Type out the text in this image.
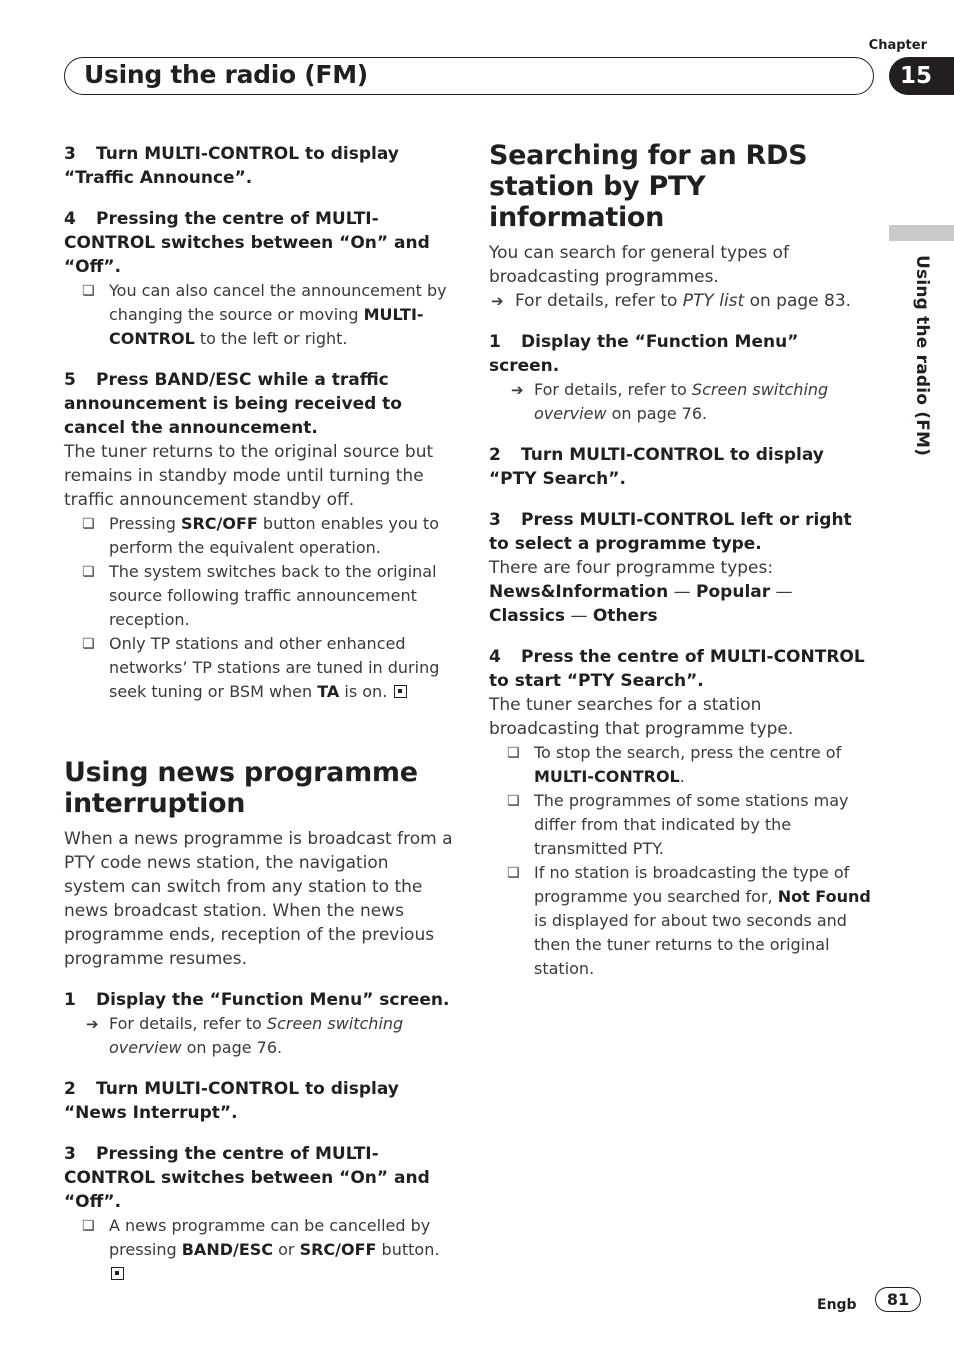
Chapter
Using the radio (FM)	15
Using the radio (FM)

3 Turn MULTI-CONTROL to display “Traffic Announce”.

4 Pressing the centre of MULTI-CONTROL switches between “On” and “Off”.

❏ You can also cancel the announcement by changing the source or moving MULTI-CONTROL to the left or right.

5 Press BAND/ESC while a traffic announcement is being received to cancel the announcement.

The tuner returns to the original source but remains in standby mode until turning the traffic announcement standby off.

❏ Pressing SRC/OFF button enables you to perform the equivalent operation.
❏ The system switches back to the original source following traffic announcement reception.
❏ Only TP stations and other enhanced networks’ TP stations are tuned in during seek tuning or BSM when TA is on.
Using news programme interruption

When a news programme is broadcast from a PTY code news station, the navigation system can switch from any station to the news broadcast station. When the news programme ends, reception of the previous programme resumes.

1 Display the “Function Menu” screen.

➔ For details, refer to Screen switching overview on page 76.

2 Turn MULTI-CONTROL to display “News Interrupt”.

3 Pressing the centre of MULTI-CONTROL switches between “On” and “Off”.

❏ A news programme can be cancelled by pressing BAND/ESC or SRC/OFF button.
Searching for an RDS station by PTY information

You can search for general types of broadcasting programmes.

➔ For details, refer to PTY list on page 83.

1 Display the “Function Menu” screen.

➔ For details, refer to Screen switching overview on page 76.

2 Turn MULTI-CONTROL to display “PTY Search”.

3 Press MULTI-CONTROL left or right to select a programme type.

There are four programme types:

News&Information — Popular — Classics — Others

4 Press the centre of MULTI-CONTROL to start “PTY Search”.

The tuner searches for a station broadcasting that programme type.

❏ To stop the search, press the centre of MULTI-CONTROL.
❏ The programmes of some stations may differ from that indicated by the transmitted PTY.
❏ If no station is broadcasting the type of programme you searched for, Not Found is displayed for about two seconds and then the tuner returns to the original station.
Engb 81
